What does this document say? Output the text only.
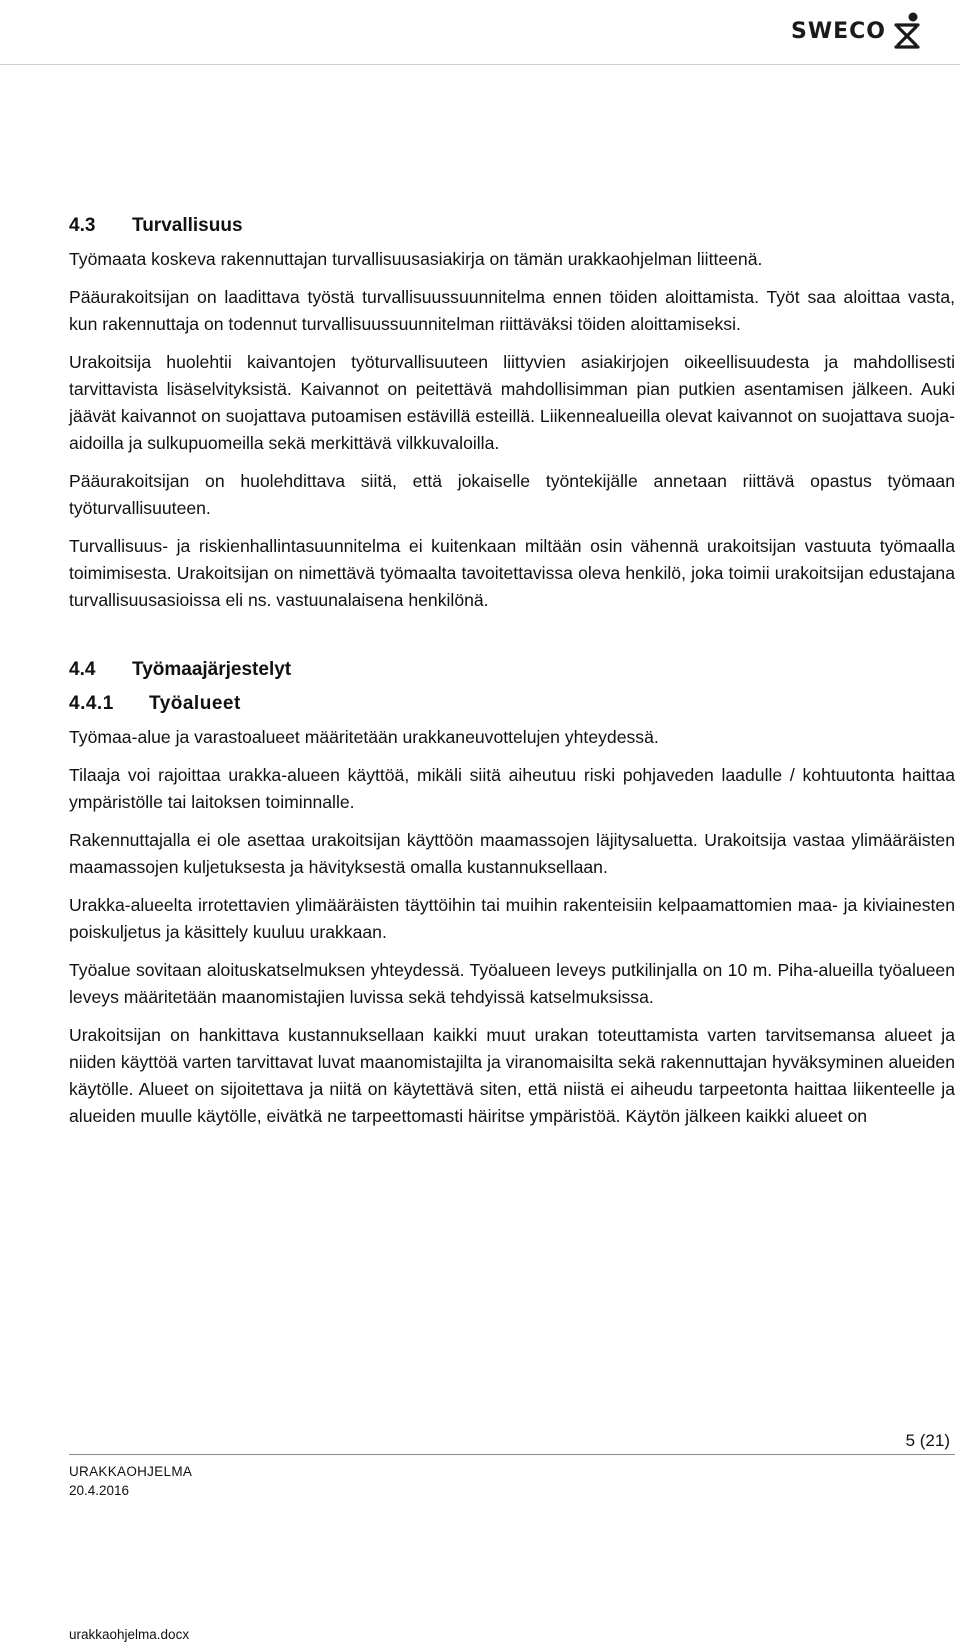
SWECO
4.3 Turvallisuus

Työmaata koskeva rakennuttajan turvallisuusasiakirja on tämän urakkaohjelman liitteenä.

Pääurakoitsijan on laadittava työstä turvallisuussuunnitelma ennen töiden aloittamista. Työt saa aloittaa vasta, kun rakennuttaja on todennut turvallisuussuunnitelman riittäväksi töiden aloittamiseksi.

Urakoitsija huolehtii kaivantojen työturvallisuuteen liittyvien asiakirjojen oikeellisuudesta ja mahdollisesti tarvittavista lisäselvityksistä. Kaivannot on peitettävä mahdollisimman pian putkien asentamisen jälkeen. Auki jäävät kaivannot on suojattava putoamisen estävillä esteillä. Liikennealueilla olevat kaivannot on suojattava suoja-aidoilla ja sulkupuomeilla sekä merkittävä vilkkuvaloilla.

Pääurakoitsijan on huolehdittava siitä, että jokaiselle työntekijälle annetaan riittävä opastus työmaan työturvallisuuteen.

Turvallisuus- ja riskienhallintasuunnitelma ei kuitenkaan miltään osin vähennä urakoitsijan vastuuta työmaalla toimimisesta. Urakoitsijan on nimettävä työmaalta tavoitettavissa oleva henkilö, joka toimii urakoitsijan edustajana turvallisuusasioissa eli ns. vastuunalaisena henkilönä.

4.4 Työmaajärjestelyt
4.4.1 Työalueet

Työmaa-alue ja varastoalueet määritetään urakkaneuvottelujen yhteydessä.

Tilaaja voi rajoittaa urakka-alueen käyttöä, mikäli siitä aiheutuu riski pohjaveden laadulle / kohtuutonta haittaa ympäristölle tai laitoksen toiminnalle.

Rakennuttajalla ei ole asettaa urakoitsijan käyttöön maamassojen läjitysaluetta. Urakoitsija vastaa ylimääräisten maamassojen kuljetuksesta ja hävityksestä omalla kustannuksellaan.

Urakka-alueelta irrotettavien ylimääräisten täyttöihin tai muihin rakenteisiin kelpaamattomien maa- ja kiviainesten poiskuljetus ja käsittely kuuluu urakkaan.

Työalue sovitaan aloituskatselmuksen yhteydessä. Työalueen leveys putkilinjalla on 10 m. Piha-alueilla työalueen leveys määritetään maanomistajien luvissa sekä tehdyissä katselmuksissa.

Urakoitsijan on hankittava kustannuksellaan kaikki muut urakan toteuttamista varten tarvitsemansa alueet ja niiden käyttöä varten tarvittavat luvat maanomistajilta ja viranomaisilta sekä rakennuttajan hyväksyminen alueiden käytölle. Alueet on sijoitettava ja niitä on käytettävä siten, että niistä ei aiheudu tarpeetonta haittaa liikenteelle ja alueiden muulle käytölle, eivätkä ne tarpeettomasti häiritse ympäristöä. Käytön jälkeen kaikki alueet on

5 (21)
URAKKAOHJELMA
20.4.2016
urakkaohjelma.docx
